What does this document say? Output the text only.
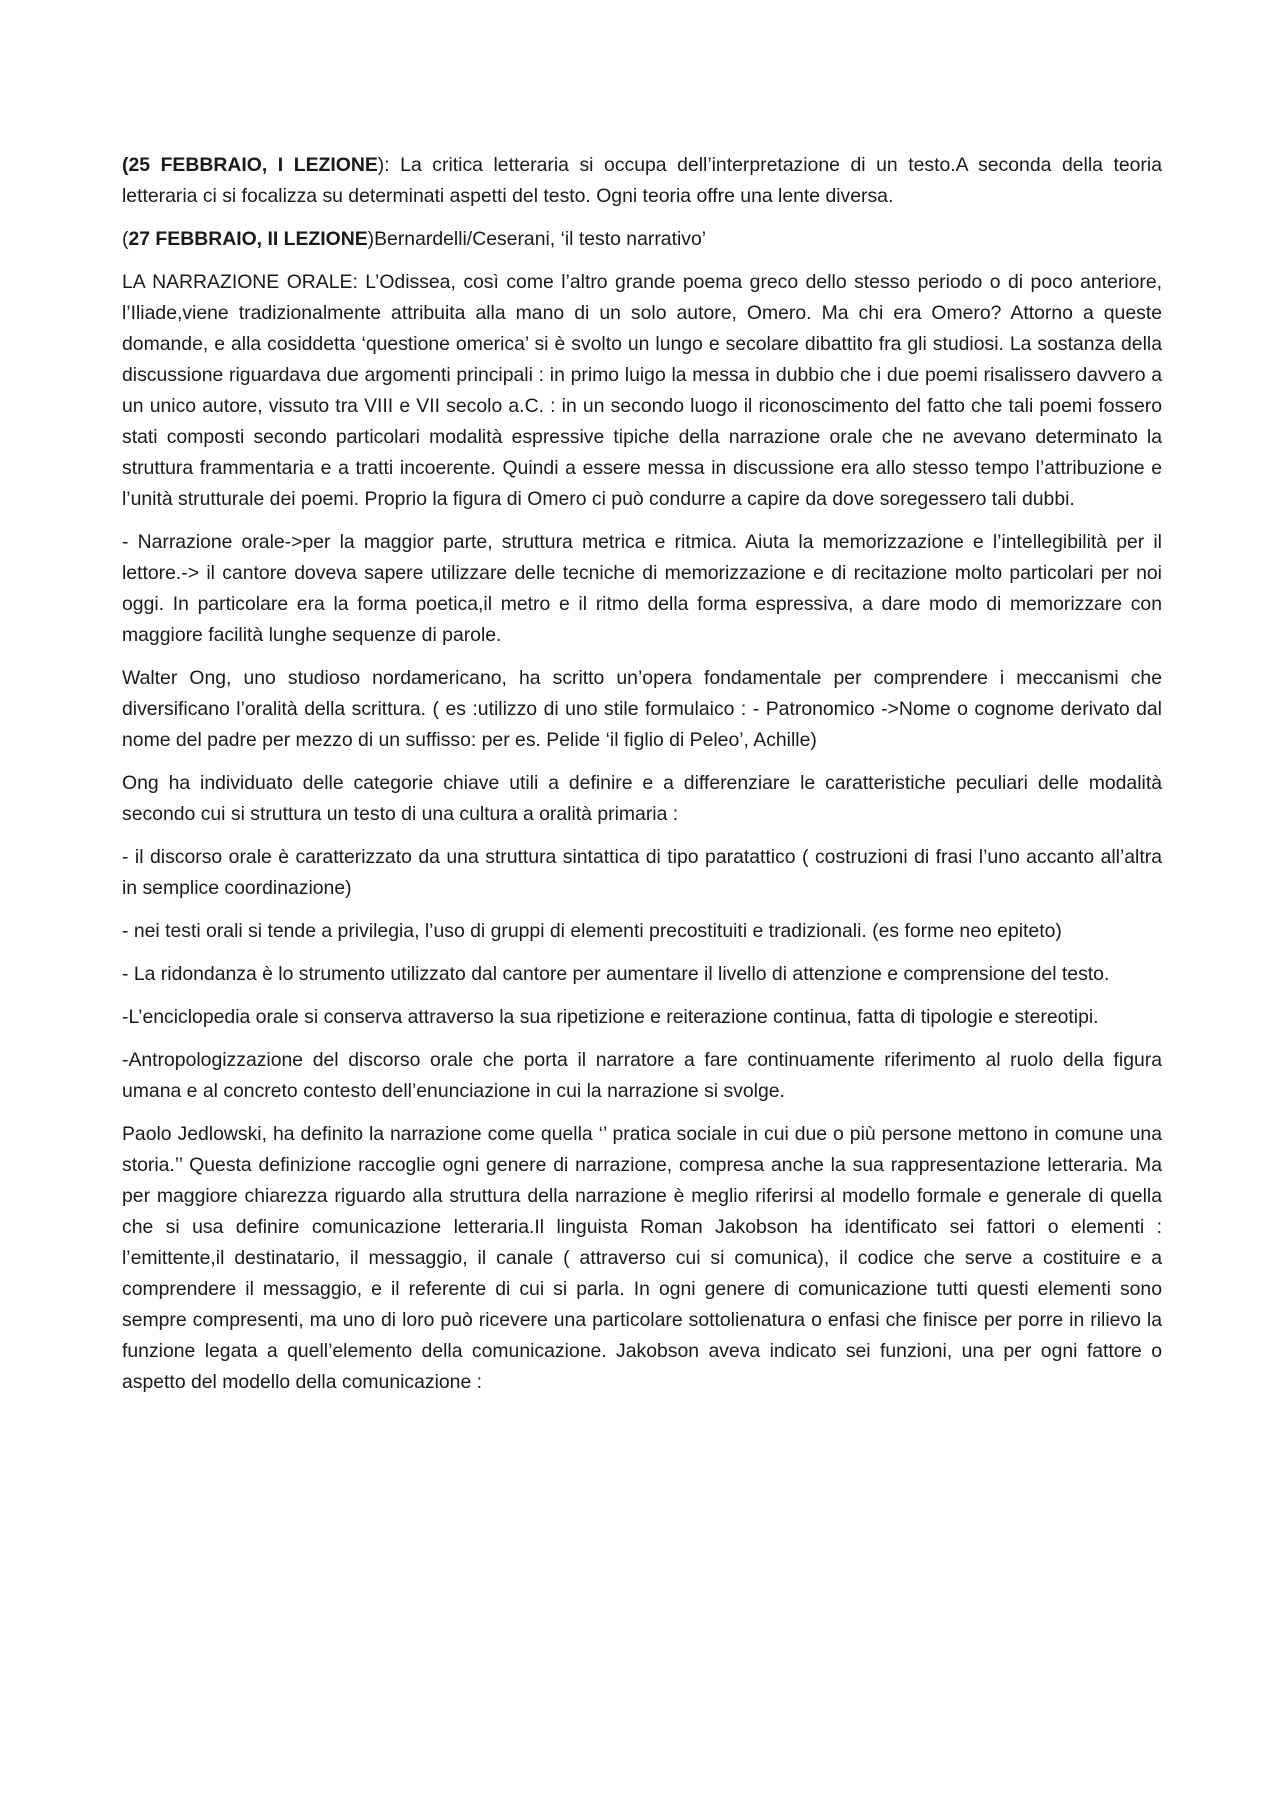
(25 FEBBRAIO, I LEZIONE): La critica letteraria si occupa dell’interpretazione di un testo.A seconda della teoria letteraria ci si focalizza su determinati aspetti del testo. Ogni teoria offre una lente diversa.

(27 FEBBRAIO, II LEZIONE)Bernardelli/Ceserani, ‘il testo narrativo’

LA NARRAZIONE ORALE: L’Odissea, così come l’altro grande poema greco dello stesso periodo o di poco anteriore, l’Iliade,viene tradizionalmente attribuita alla mano di un solo autore, Omero. Ma chi era Omero? Attorno a queste domande, e alla cosiddetta ‘questione omerica’ si è svolto un lungo e secolare dibattito fra gli studiosi. La sostanza della discussione riguardava due argomenti principali : in primo luigo la messa in dubbio che i due poemi risalissero davvero a un unico autore, vissuto tra VIII e VII secolo a.C. : in un secondo luogo il riconoscimento del fatto che tali poemi fossero stati composti secondo particolari modalità espressive tipiche della narrazione orale che ne avevano determinato la struttura frammentaria e a tratti incoerente. Quindi a essere messa in discussione era allo stesso tempo l’attribuzione e l’unità strutturale dei poemi. Proprio la figura di Omero ci può condurre a capire da dove soregessero tali dubbi.

- Narrazione orale->per la maggior parte, struttura metrica e ritmica. Aiuta la memorizzazione e l’intellegibilità per il lettore.-> il cantore doveva sapere utilizzare delle tecniche di memorizzazione e di recitazione molto particolari per noi oggi. In particolare era la forma poetica,il metro e il ritmo della forma espressiva, a dare modo di memorizzare con maggiore facilità lunghe sequenze di parole.

Walter Ong, uno studioso nordamericano, ha scritto un’opera fondamentale per comprendere i meccanismi che diversificano l’oralità della scrittura. ( es :utilizzo di uno stile formulaico : - Patronomico ->Nome o cognome derivato dal nome del padre per mezzo di un suffisso: per es. Pelide ‘il figlio di Peleo’, Achille)

Ong ha individuato delle categorie chiave utili a definire e a differenziare le caratteristiche peculiari delle modalità secondo cui si struttura un testo di una cultura a oralità primaria :

- il discorso orale è caratterizzato da una struttura sintattica di tipo paratattico ( costruzioni di frasi l’uno accanto all’altra in semplice coordinazione)

- nei testi orali si tende a privilegia, l’uso di gruppi di elementi precostituiti e tradizionali. (es forme neo epiteto)

- La ridondanza è lo strumento utilizzato dal cantore per aumentare il livello di attenzione e comprensione del testo.

-L’enciclopedia orale si conserva attraverso la sua ripetizione e reiterazione continua, fatta di tipologie e stereotipi.

-Antropologizzazione del discorso orale che porta il narratore a fare continuamente riferimento al ruolo della figura umana e al concreto contesto dell’enunciazione in cui la narrazione si svolge.

Paolo Jedlowski, ha definito la narrazione come quella ‘’ pratica sociale in cui due o più persone mettono in comune una storia.’’ Questa definizione raccoglie ogni genere di narrazione, compresa anche la sua rappresentazione letteraria. Ma per maggiore chiarezza riguardo alla struttura della narrazione è meglio riferirsi al modello formale e generale di quella che si usa definire comunicazione letteraria.Il linguista Roman Jakobson ha identificato sei fattori o elementi : l’emittente,il destinatario, il messaggio, il canale ( attraverso cui si comunica), il codice che serve a costituire e a comprendere il messaggio, e il referente di cui si parla. In ogni genere di comunicazione tutti questi elementi sono sempre compresenti, ma uno di loro può ricevere una particolare sottolienatura o enfasi che finisce per porre in rilievo la funzione legata a quell’elemento della comunicazione. Jakobson aveva indicato sei funzioni, una per ogni fattore o aspetto del modello della comunicazione :
